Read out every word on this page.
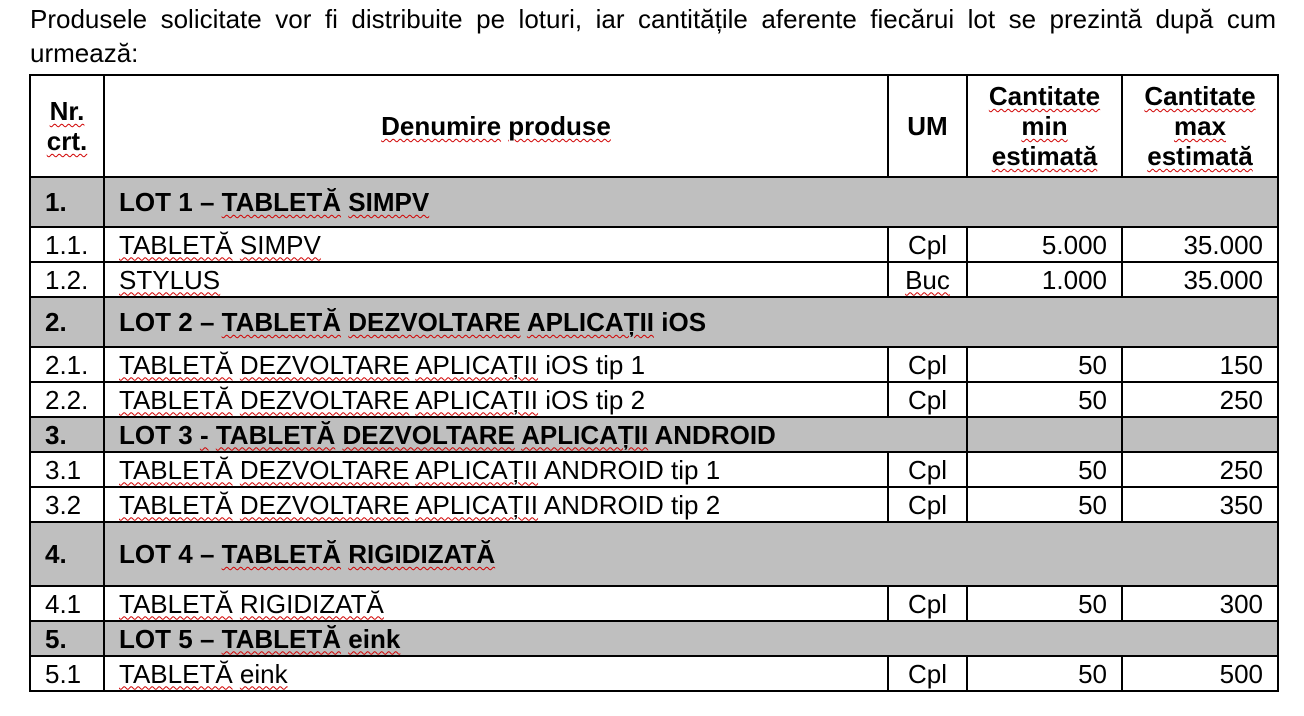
Produsele solicitate vor fi distribuite pe loturi, iar cantitățile aferente fiecărui lot se prezintă după cum urmează:

Nr. crt.	Denumire produse	UM	Cantitate min estimată	Cantitate max estimată
1.	LOT 1 – TABLETĂ SIMPV			
1.1.	TABLETĂ SIMPV	Cpl	5.000	35.000
1.2.	STYLUS	Buc	1.000	35.000
2.	LOT 2 – TABLETĂ DEZVOLTARE APLICAȚII iOS			
2.1.	TABLETĂ DEZVOLTARE APLICAȚII iOS tip 1	Cpl	50	150
2.2.	TABLETĂ DEZVOLTARE APLICAȚII iOS tip 2	Cpl	50	250
3.	LOT 3 - TABLETĂ DEZVOLTARE APLICAȚII ANDROID			
3.1	TABLETĂ DEZVOLTARE APLICAȚII ANDROID tip 1	Cpl	50	250
3.2	TABLETĂ DEZVOLTARE APLICAȚII ANDROID tip 2	Cpl	50	350
4.	LOT 4 – TABLETĂ RIGIDIZATĂ			
4.1	TABLETĂ RIGIDIZATĂ	Cpl	50	300
5.	LOT 5 – TABLETĂ eink			
5.1	TABLETĂ eink	Cpl	50	500
